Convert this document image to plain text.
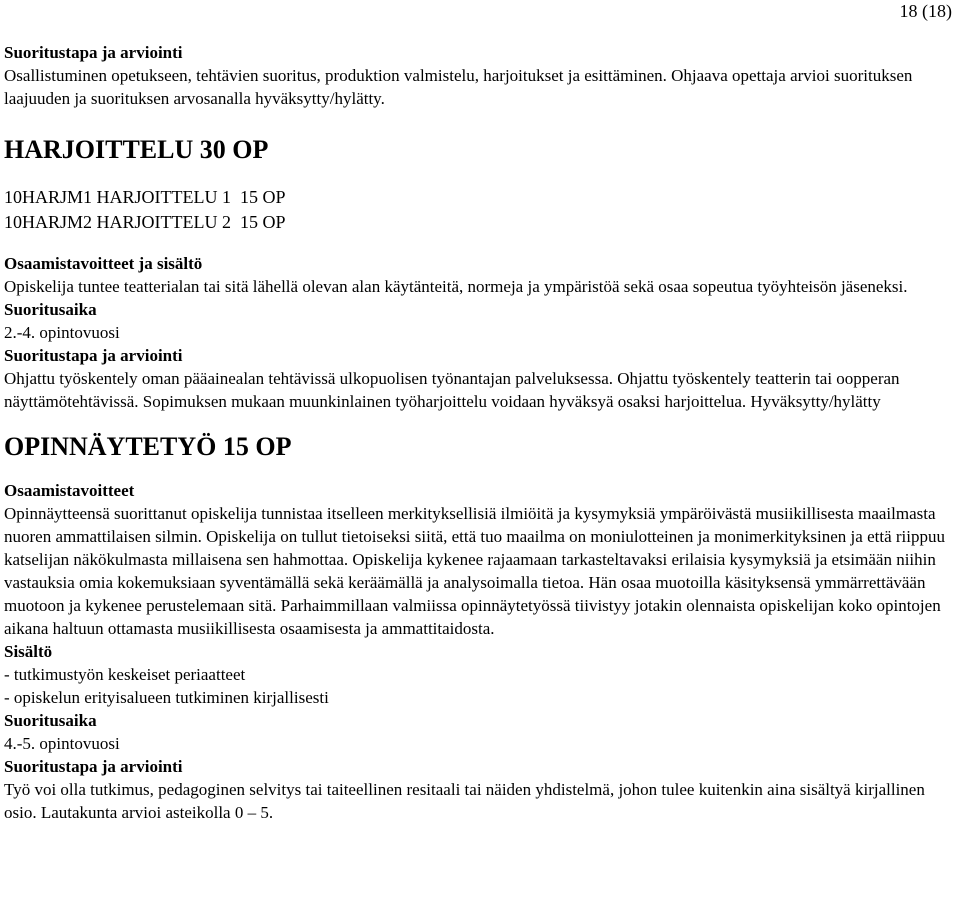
18 (18)

Suoritustapa ja arviointi

Osallistuminen opetukseen, tehtävien suoritus, produktion valmistelu, harjoitukset ja esittäminen. Ohjaava opettaja arvioi suorituksen laajuuden ja suorituksen arvosanalla hyväksytty/hylätty.

HARJOITTELU 30 OP

10HARJM1 HARJOITTELU 1  15 OP

10HARJM2 HARJOITTELU 2  15 OP

Osaamistavoitteet ja sisältö

Opiskelija tuntee teatterialan tai sitä lähellä olevan alan käytänteitä, normeja ja ympäristöä sekä osaa sopeutua työyhteisön jäseneksi.

Suoritusaika

2.-4. opintovuosi

Suoritustapa ja arviointi

Ohjattu työskentely oman pääainealan tehtävissä ulkopuolisen työnantajan palveluksessa. Ohjattu työskentely teatterin tai oopperan näyttämötehtävissä. Sopimuksen mukaan muunkinlainen työharjoittelu voidaan hyväksyä osaksi harjoittelua. Hyväksytty/hylätty

OPINNÄYTETYÖ 15 OP

Osaamistavoitteet

Opinnäytteensä suorittanut opiskelija tunnistaa itselleen merkityksellisiä ilmiöitä ja kysymyksiä ympäröivästä musiikillisesta maailmasta nuoren ammattilaisen silmin. Opiskelija on tullut tietoiseksi siitä, että tuo maailma on moniulotteinen ja monimerkityksinen ja että riippuu katselijan näkökulmasta millaisena sen hahmottaa. Opiskelija kykenee rajaamaan tarkasteltavaksi erilaisia kysymyksiä ja etsimään niihin vastauksia omia kokemuksiaan syventämällä sekä keräämällä ja analysoimalla tietoa. Hän osaa muotoilla käsityksensä ymmärrettävään muotoon ja kykenee perustelemaan sitä. Parhaimmillaan valmiissa opinnäytetyössä tiivistyy jotakin olennaista opiskelijan koko opintojen aikana haltuun ottamasta musiikillisesta osaamisesta ja ammattitaidosta.

Sisältö

- tutkimustyön keskeiset periaatteet

- opiskelun erityisalueen tutkiminen kirjallisesti

Suoritusaika

4.-5. opintovuosi

Suoritustapa ja arviointi

Työ voi olla tutkimus, pedagoginen selvitys tai taiteellinen resitaali tai näiden yhdistelmä, johon tulee kuitenkin aina sisältyä kirjallinen osio. Lautakunta arvioi asteikolla 0 – 5.
